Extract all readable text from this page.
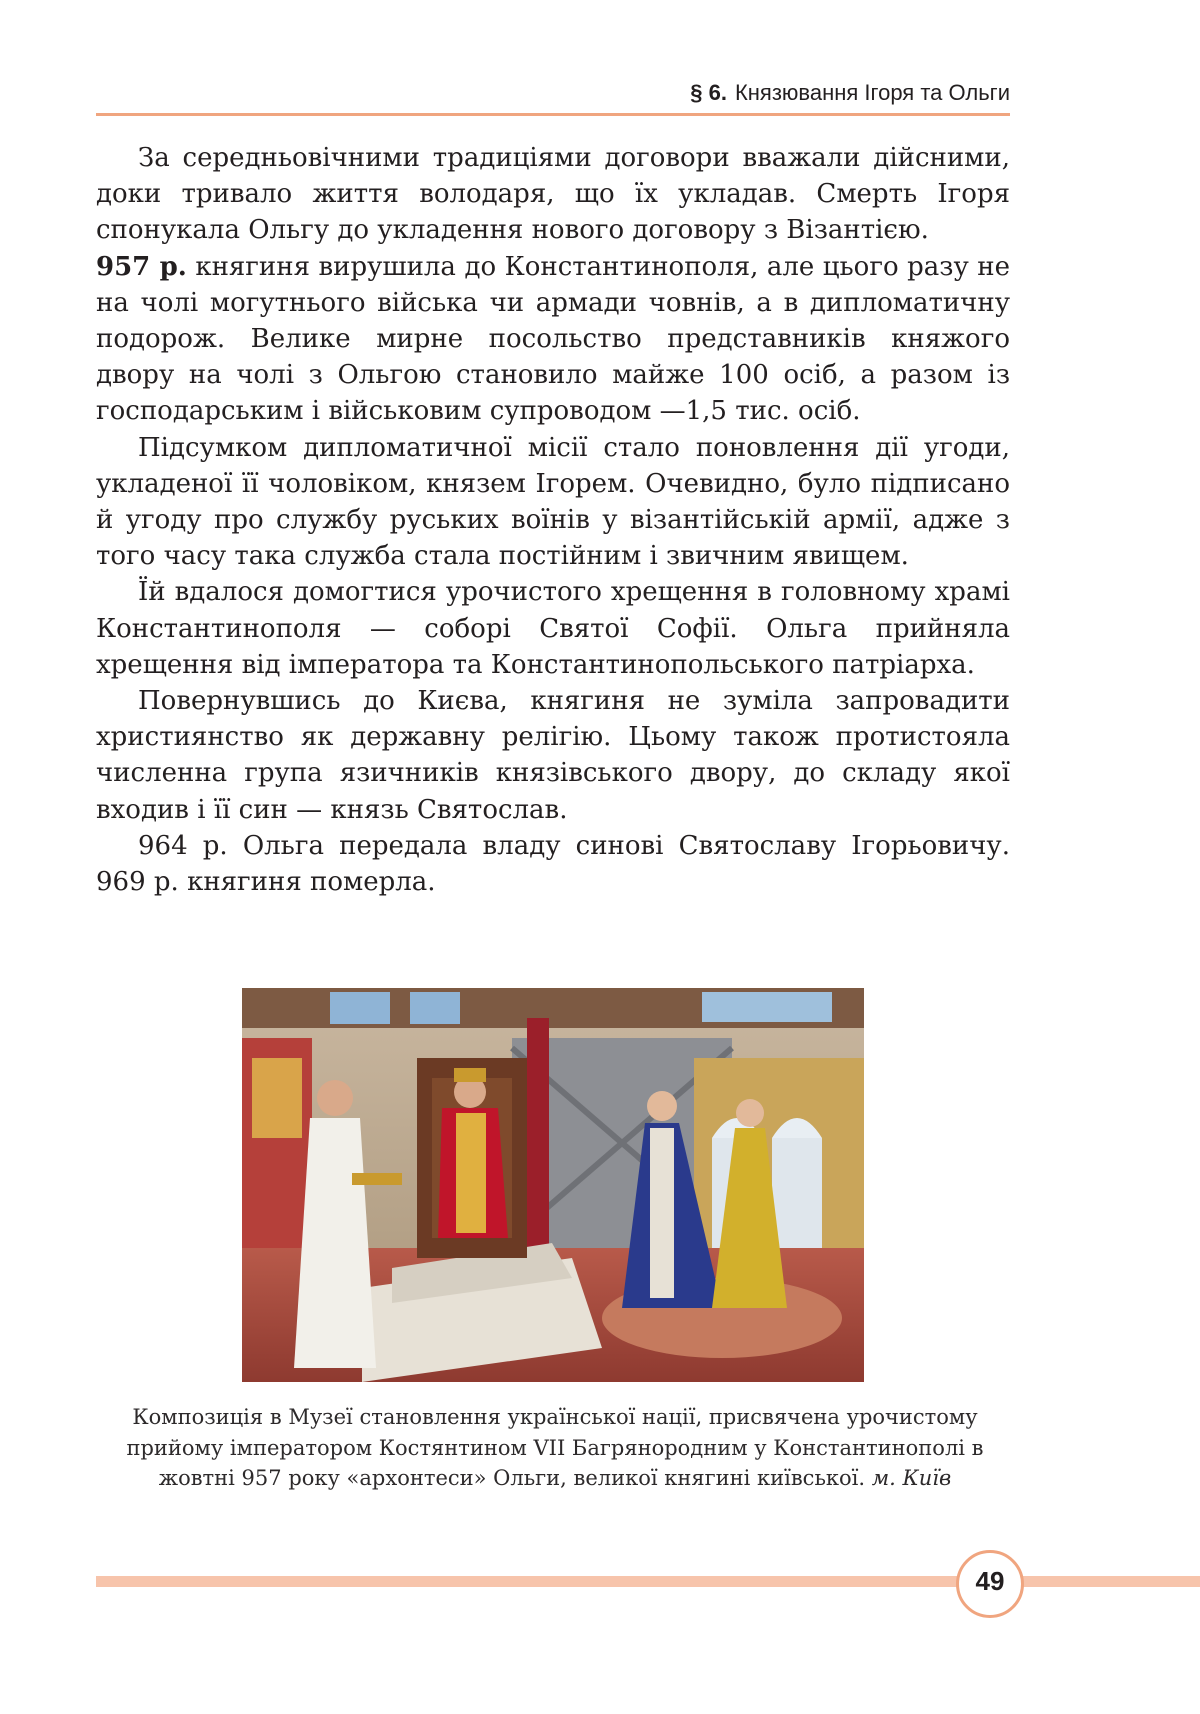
§ 6. Князювання Ігоря та Ольги

За середньовічними традиціями договори вважали дійсними, доки тривало життя володаря, що їх укладав. Смерть Ігоря спонукала Ольгу до укладення нового договору з Візантією.

957 р. княгиня вирушила до Константинополя, але цього разу не на чолі могутнього війська чи армади човнів, а в дипломатичну подорож. Велике мирне посольство представників княжого двору на чолі з Ольгою становило майже 100 осіб, а разом із господарським і військовим супроводом —1,5 тис. осіб.

Підсумком дипломатичної місії стало поновлення дії угоди, укладеної її чоловіком, князем Ігорем. Очевидно, було підписано й угоду про службу руських воїнів у візантійській армії, адже з того часу така служба стала постійним і звичним явищем.

Їй вдалося домогтися урочистого хрещення в головному храмі Константинополя — соборі Святої Софії. Ольга прийняла хрещення від імператора та Константинопольського патріарха.

Повернувшись до Києва, княгиня не зуміла запровадити християнство як державну релігію. Цьому також протистояла численна група язичників князівського двору, до складу якої входив і її син — князь Святослав.

964 р. Ольга передала владу синові Святославу Ігорьовичу. 969 р. княгиня померла.

Композиція в Музеї становлення української нації, присвячена урочистому прийому імператором Костянтином VII Багрянородним у Константинополі в жовтні 957 року «архонтеси» Ольги, великої княгині київської. м. Київ
49
